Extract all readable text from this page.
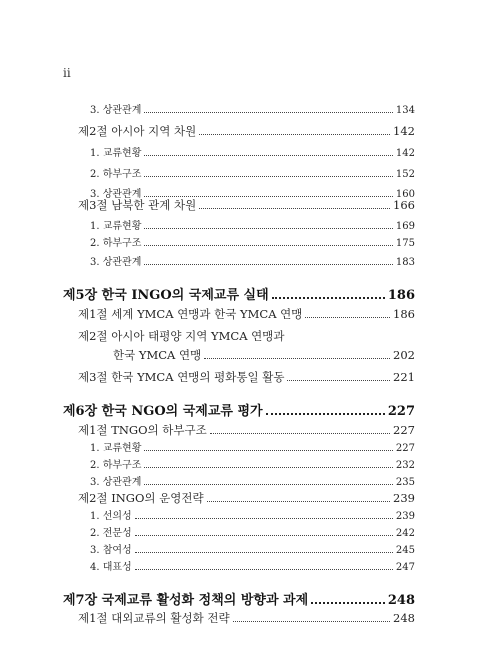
ii
3. 상관관계	134
제2절 아시아 지역 차원	142
1. 교류현황	142
2. 하부구조	152
3. 상관관계	160
제3절 남북한 관계 차원	166
1. 교류현황	169
2. 하부구조	175
3. 상관관계	183
제5장 한국 INGO의 국제교류 실태	186
제1절 세계 YMCA 연맹과 한국 YMCA 연맹	186
제2절 아시아 태평양 지역 YMCA 연맹과
한국 YMCA 연맹	202
제3절 한국 YMCA 연맹의 평화통일 활동	221
제6장 한국 NGO의 국제교류 평가	227
제1절 TNGO의 하부구조	227
1. 교류현황	227
2. 하부구조	232
3. 상관관계	235
제2절 INGO의 운영전략	239
1. 선의성	239
2. 전문성	242
3. 참여성	245
4. 대표성	247
제7장 국제교류 활성화 정책의 방향과 과제	248
제1절 대외교류의 활성화 전략	248
